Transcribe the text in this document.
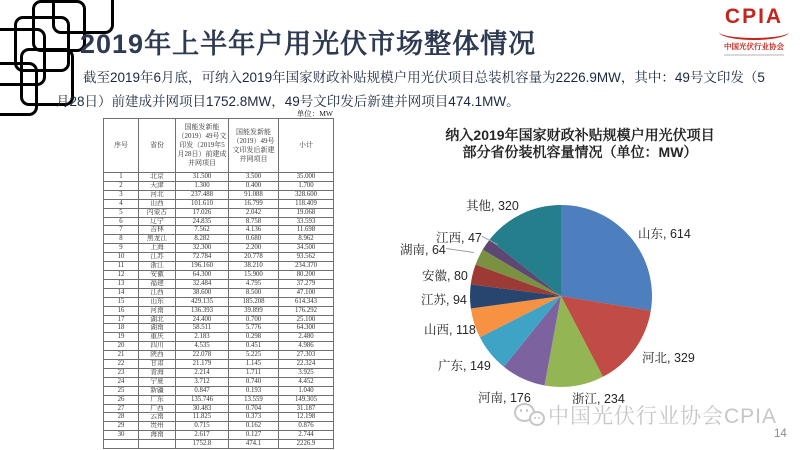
2019年上半年户用光伏市场整体情况
CPIA
中国光伏行业协会

截至2019年6月底，可纳入2019年国家财政补贴规模户用光伏项目总装机容量为2226.9MW，其中：49号文印发（5月28日）前建成并网项目1752.8MW，49号文印发后新建并网项目474.1MW。

单位：MW
序号	省份	国能发新能（2019）49号文印发（2019年5月28日）前建成并网项目	国能发新能（2019）49号文印发后新建并网项目	小计
1	北京	31.500	3.500	35.000
2	天津	1.300	0.400	1.700
3	河北	237.488	91.088	328.600
4	山西	101.610	16.799	118.409
5	内蒙古	17.026	2.042	19.068
6	辽宁	24.835	8.758	33.593
7	吉林	7.562	4.136	11.698
8	黑龙江	8.282	0.680	8.962
9	上海	32.300	2.200	34.500
10	江苏	72.784	20.778	93.562
11	浙江	196.160	38.210	234.370
12	安徽	64.300	15.900	80.200
13	福建	32.484	4.795	37.279
14	江西	38.600	8.500	47.100
15	山东	429.135	185.208	614.343
16	河南	136.393	39.899	176.292
17	湖北	24.400	0.700	25.100
18	湖南	58.511	5.776	64.300
19	重庆	2.183	0.298	2.480
20	四川	4.535	0.451	4.986
21	陕西	22.078	5.225	27.303
22	甘肃	21.179	1.145	22.324
23	青海	2.214	1.711	3.925
24	宁夏	3.712	0.740	4.452
25	新疆	0.847	0.193	1.040
26	广东	135.746	13.559	149.305
27	广西	30.483	0.704	31.187
28	云南	11.825	0.373	12.198
29	贵州	0.715	0.162	0.876
30	海南	2.617	0.127	2.744
		1752.8	474.1	2226.9
纳入2019年国家财政补贴规模户用光伏项目
部分省份装机容量情况（单位：MW）
山东, 614
河北, 329
浙江, 234
河南, 176
广东, 149
山西, 118
江苏, 94
安徽, 80
湖南, 64
江西, 47
其他, 320
中国光伏行业协会CPIA
14
